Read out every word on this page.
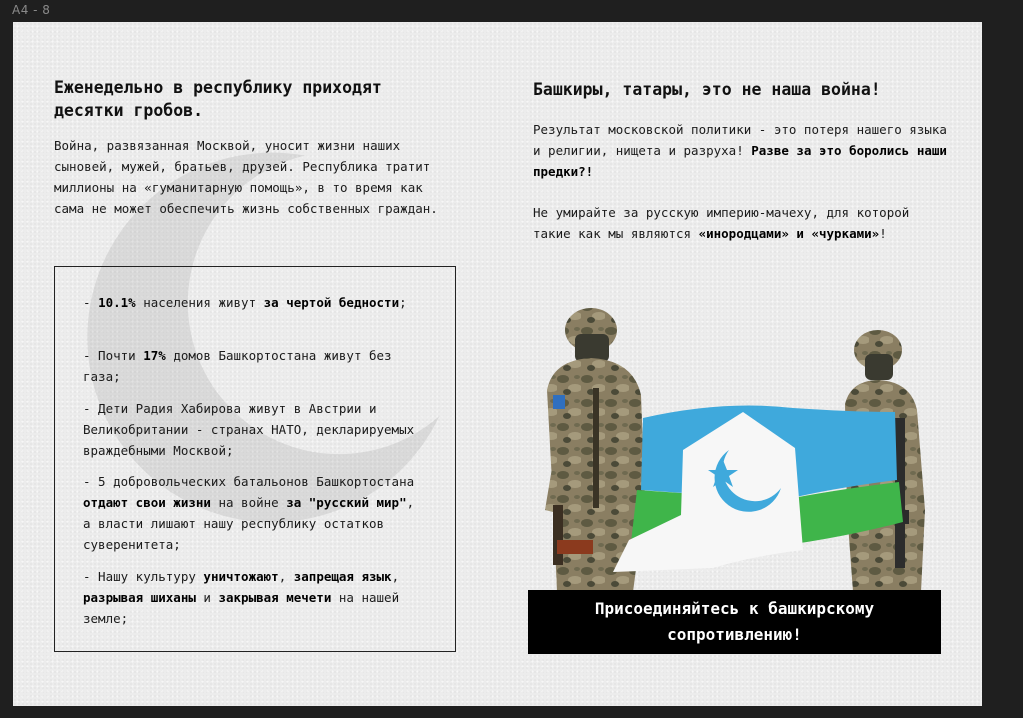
A4 - 8
Еженедельно в республику приходят десятки гробов.
Война, развязанная Москвой, уносит жизни наших сыновей, мужей, братьев, друзей. Республика тратит миллионы на «гуманитарную помощь», в то время как сама не может обеспечить жизнь собственных граждан.
- 10.1% населения живут за чертой бедности;
- Почти 17% домов Башкортостана живут без газа;
- Дети Радия Хабирова живут в Австрии и Великобритании - странах НАТО, декларируемых враждебными Москвой;
- 5 добровольческих батальонов Башкортостана отдают свои жизни на войне за "русский мир", а власти лишают нашу республику остатков суверенитета;
- Нашу культуру уничтожают, запрещая язык, разрывая шиханы и закрывая мечети на нашей земле;
Башкиры, татары, это не наша война!
Результат московской политики - это потеря нашего языка и религии, нищета и разруха! Разве за это боролись наши предки?!
Не умирайте за русскую империю-мачеху, для которой такие как мы являются «инородцами» и «чурками»!
Присоединяйтесь к башкирскому сопротивлению!
